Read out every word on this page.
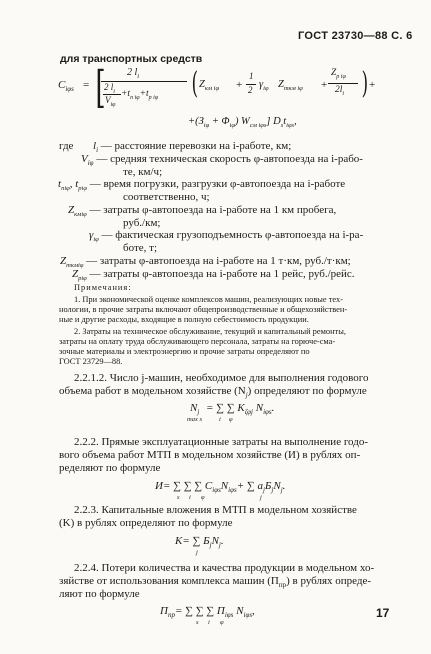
ГОСТ 23730—88 С. 6
для транспортных средств
$C_{i\varphi s}$ = [ 2 $l_i$
2 $l_i$
$V_{i\varphi}$
$+t_{п i\varphi}+t_{р i\varphi}$ ( $Z_{км i\varphi}$ +
1
2 $\gamma_{i\varphi}$ $Z_{ткм i\varphi}$ +
$Z_{р i\varphi}$
$2l_i$ ) +
$+(З_{i\varphi} + \Phi_{i\varphi})$ $W_{см i\varphi s}$] $D_st_{i\varphi s}$,
где $l_i$ — расстояние перевозки на i-работе, км;
$V_{i\varphi}$ — средняя техническая скорость φ-автопоезда на i-рабо-
те, км/ч;
$t_{пi\varphi}$, $t_{рi\varphi}$ — время погрузки, разгрузки φ-автопоезда на i-работе
соответственно, ч;
$Z_{кмi\varphi}$ — затраты φ-автопоезда на i-работе на 1 км пробега,
руб./км;
$\gamma_{i\varphi}$ — фактическая грузоподъемность φ-автопоезда на i-ра-
боте, т;
$Z_{ткмi\varphi}$ — затраты φ-автопоезда на i-работе на 1 т·км, руб./т·км;
$Z_{рi\varphi}$ — затраты φ-автопоезда на i-работе на 1 рейс, руб./рейс.
Примечания:
1. При экономической оценке комплексов машин, реализующих новые тех-
нологии, в прочие затраты включают общепроизводственные и общехозяйствен-
ные и другие расходы, входящие в полную себестоимость продукции.
2. Затраты на техническое обслуживание, текущий и капитальный ремонты,
затраты на оплату труда обслуживающего персонала, затраты на горюче-сма-
зочные материалы и электроэнергию и прочие затраты определяют по
ГОСТ 23729—88.
2.2.1.2. Число j-машин, необходимое для выполнения годового
объема работ в модельном хозяйстве $(N_j)$ определяют по формуле
$N_j$
max s
= ∑ ∑ $K_{\zeta\varphi j}$ $N_{i\varphi s}$.
i φ
2.2.2. Прямые эксплуатационные затраты на выполнение годо-
вого объема работ МТП в модельном хозяйстве (И) в рублях оп-
ределяют по формуле
И= ∑ ∑ ∑ $C_{i\varphi s}N_{i\varphi s}+$ ∑ $a_jБ_jN_j$.
s i φ	j
2.2.3. Капитальные вложения в МТП в модельном хозяйстве
(K) в рублях определяют по формуле
K= ∑ $Б_jN_j$.
j
2.2.4. Потери количества и качества продукции в модельном хо-
зяйстве от использования комплекса машин $(П_{пр})$ в рублях опреде-
ляют по формуле
$П_{пр}=$ ∑ ∑ ∑ $П_{i\varphi s}$ $N_{i\varphi s}$,
s i φ
17
